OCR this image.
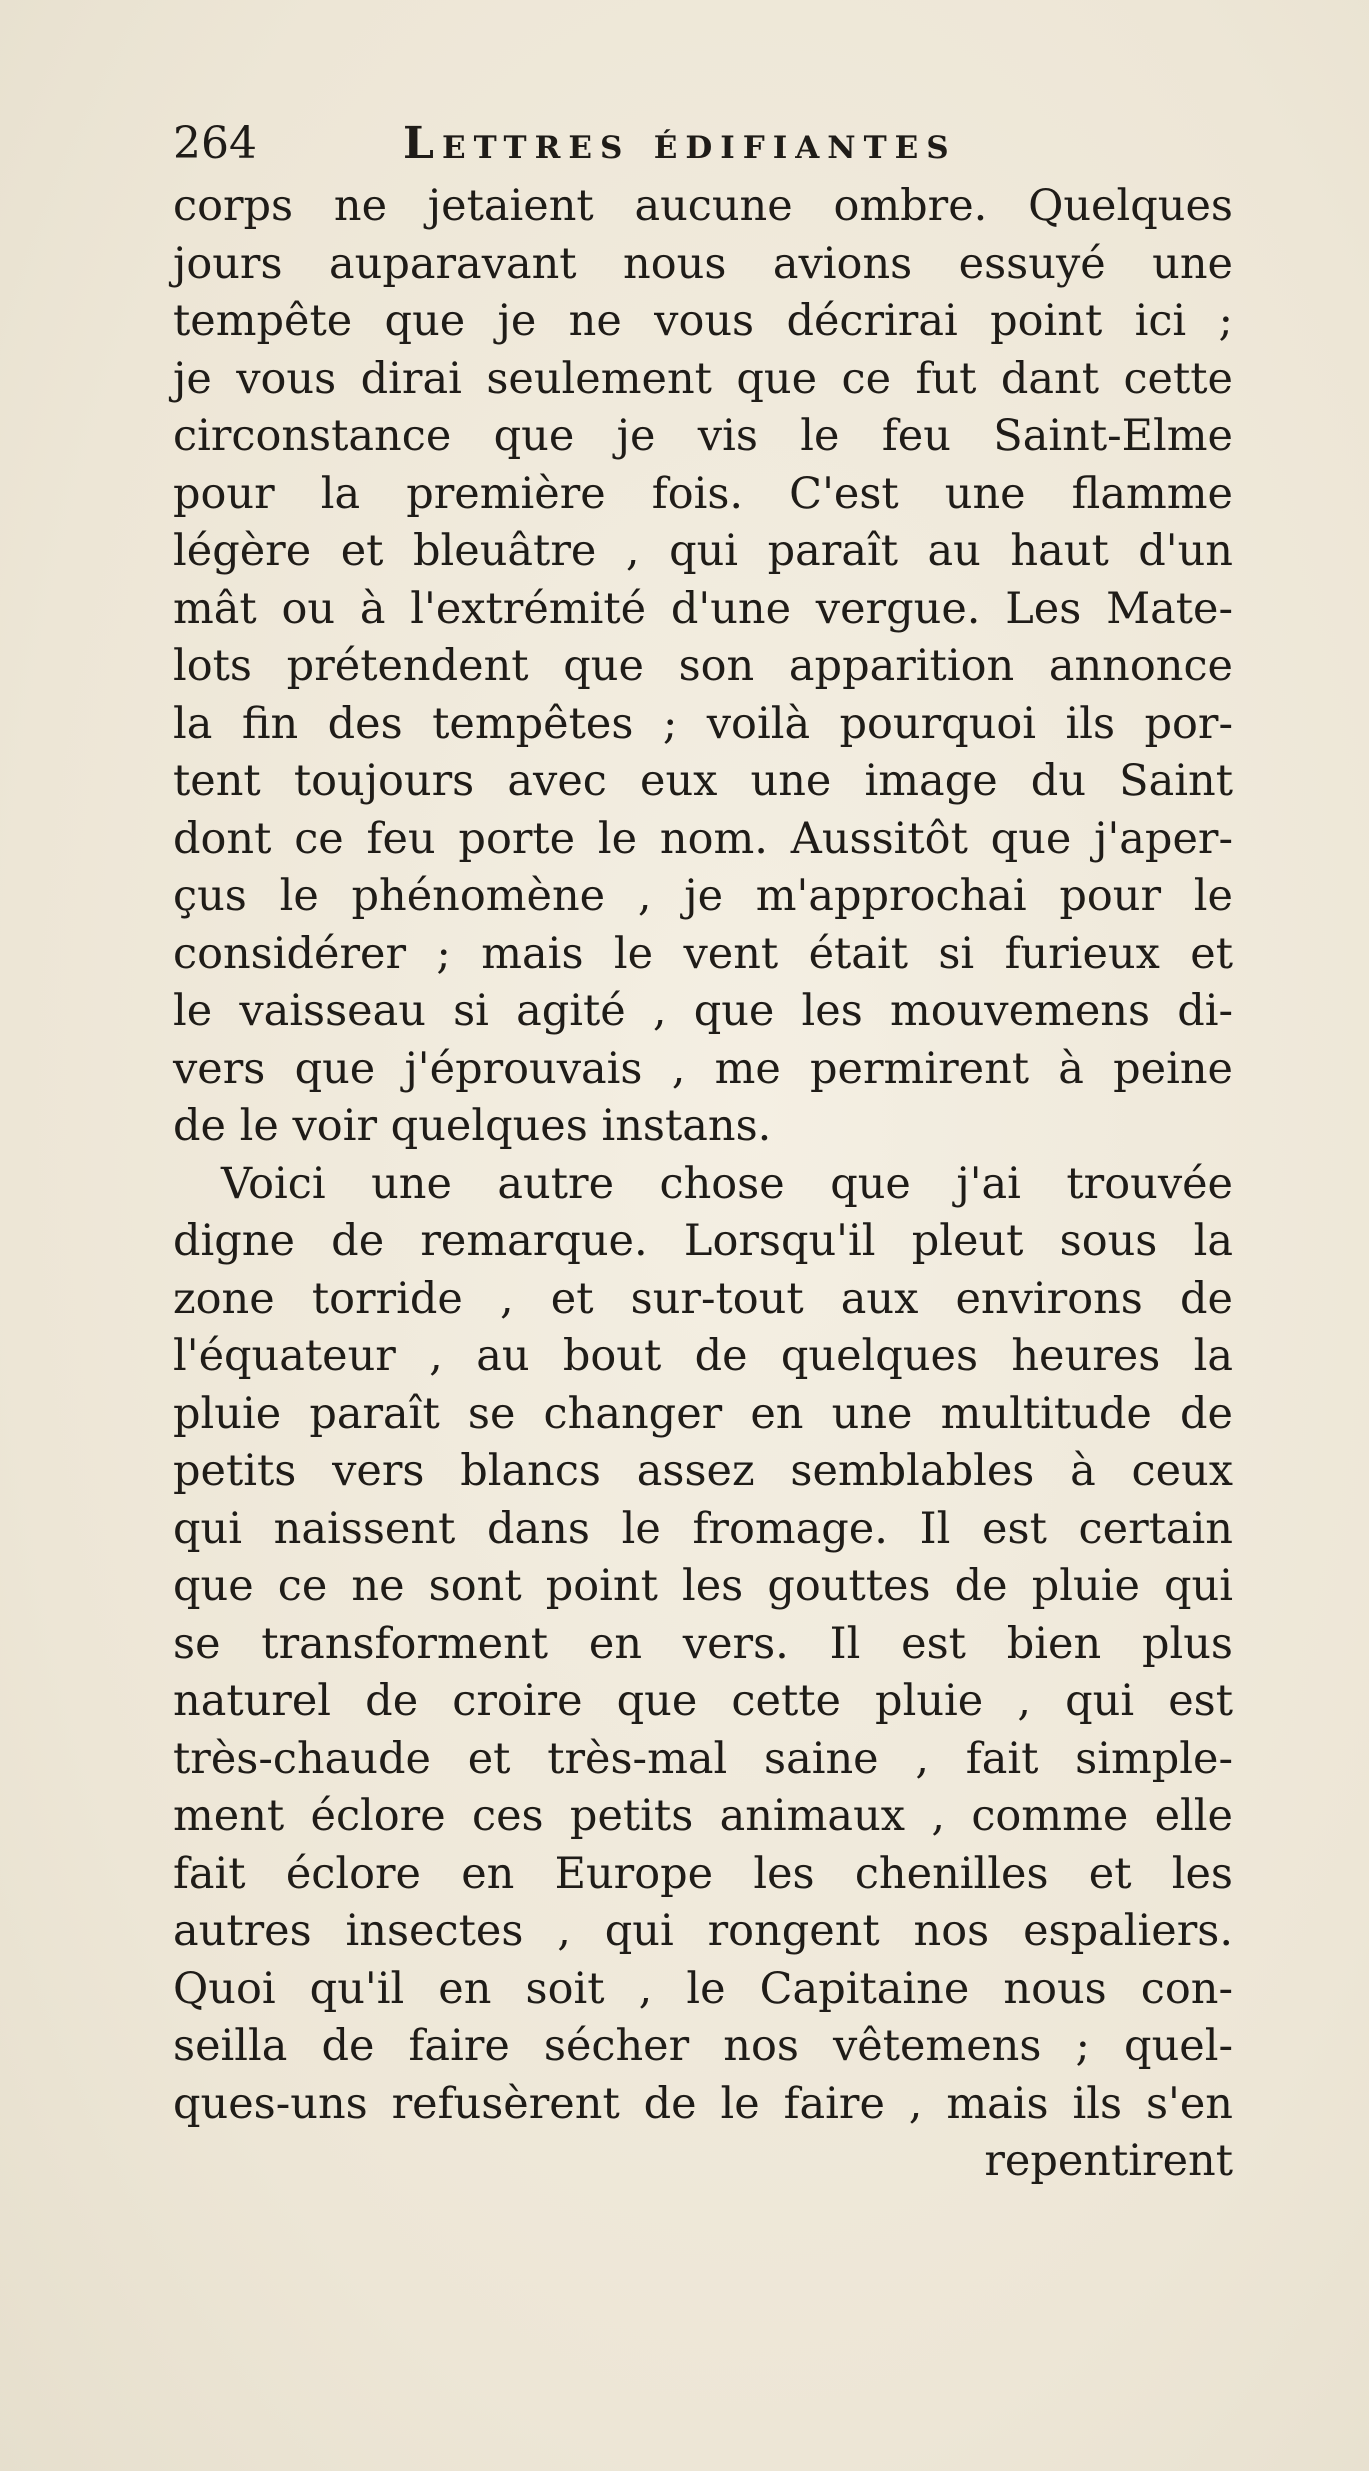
264	Lettres édifiantes
corps ne jetaient aucune ombre. Quelques
jours auparavant nous avions essuyé une
tempête que je ne vous décrirai point ici ;
je vous dirai seulement que ce fut dant cette
circonstance que je vis le feu Saint-Elme
pour la première fois. C'est une flamme
légère et bleuâtre , qui paraît au haut d'un
mât ou à l'extrémité d'une vergue. Les Mate-
lots prétendent que son apparition annonce
la fin des tempêtes ; voilà pourquoi ils por-
tent toujours avec eux une image du Saint
dont ce feu porte le nom. Aussitôt que j'aper-
çus le phénomène , je m'approchai pour le
considérer ; mais le vent était si furieux et
le vaisseau si agité , que les mouvemens di-
vers que j'éprouvais , me permirent à peine
de le voir quelques instans.
Voici une autre chose que j'ai trouvée
digne de remarque. Lorsqu'il pleut sous la
zone torride , et sur-tout aux environs de
l'équateur , au bout de quelques heures la
pluie paraît se changer en une multitude de
petits vers blancs assez semblables à ceux
qui naissent dans le fromage. Il est certain
que ce ne sont point les gouttes de pluie qui
se transforment en vers. Il est bien plus
naturel de croire que cette pluie , qui est
très-chaude et très-mal saine , fait simple-
ment éclore ces petits animaux , comme elle
fait éclore en Europe les chenilles et les
autres insectes , qui rongent nos espaliers.
Quoi qu'il en soit , le Capitaine nous con-
seilla de faire sécher nos vêtemens ; quel-
ques-uns refusèrent de le faire , mais ils s'en
repentirent
